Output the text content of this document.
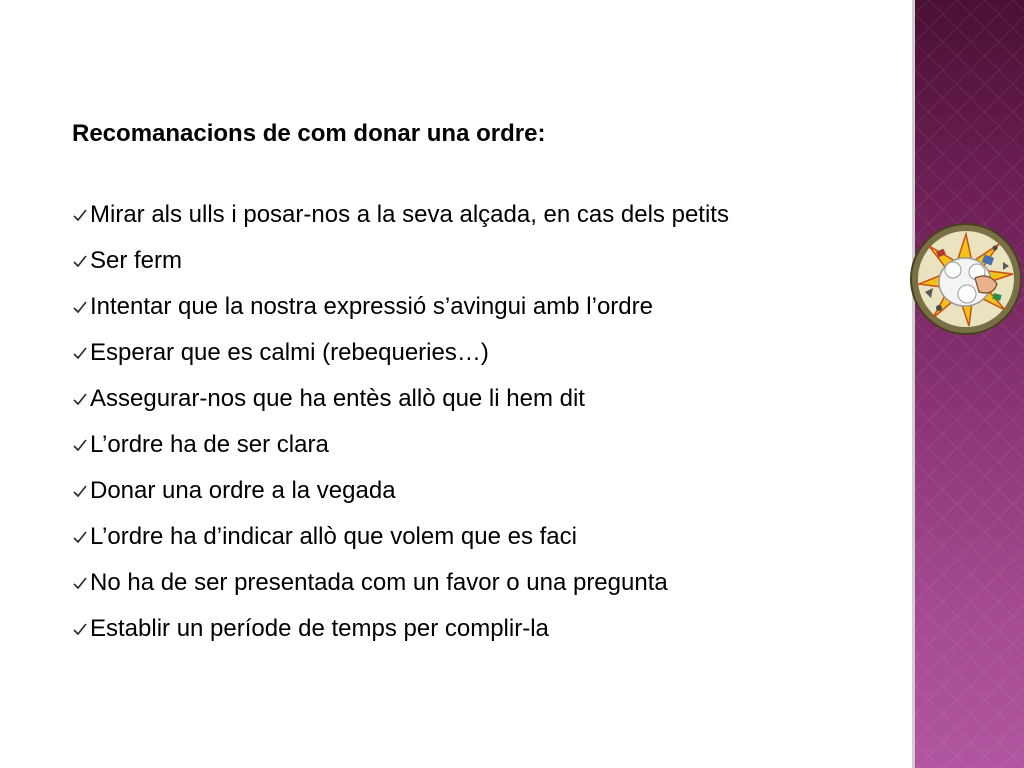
Recomanacions de com donar una ordre:
Mirar als ulls i posar-nos a la seva alçada, en cas dels petits
Ser ferm
Intentar que la nostra expressió s’avingui amb l’ordre
Esperar que es calmi (rebequeries…)
Assegurar-nos que ha entès allò que li hem dit
L’ordre ha de ser clara
Donar una ordre a la vegada
L’ordre ha d’indicar allò que volem que es faci
No ha de ser presentada com un favor o una pregunta
Establir un període de temps per complir-la
